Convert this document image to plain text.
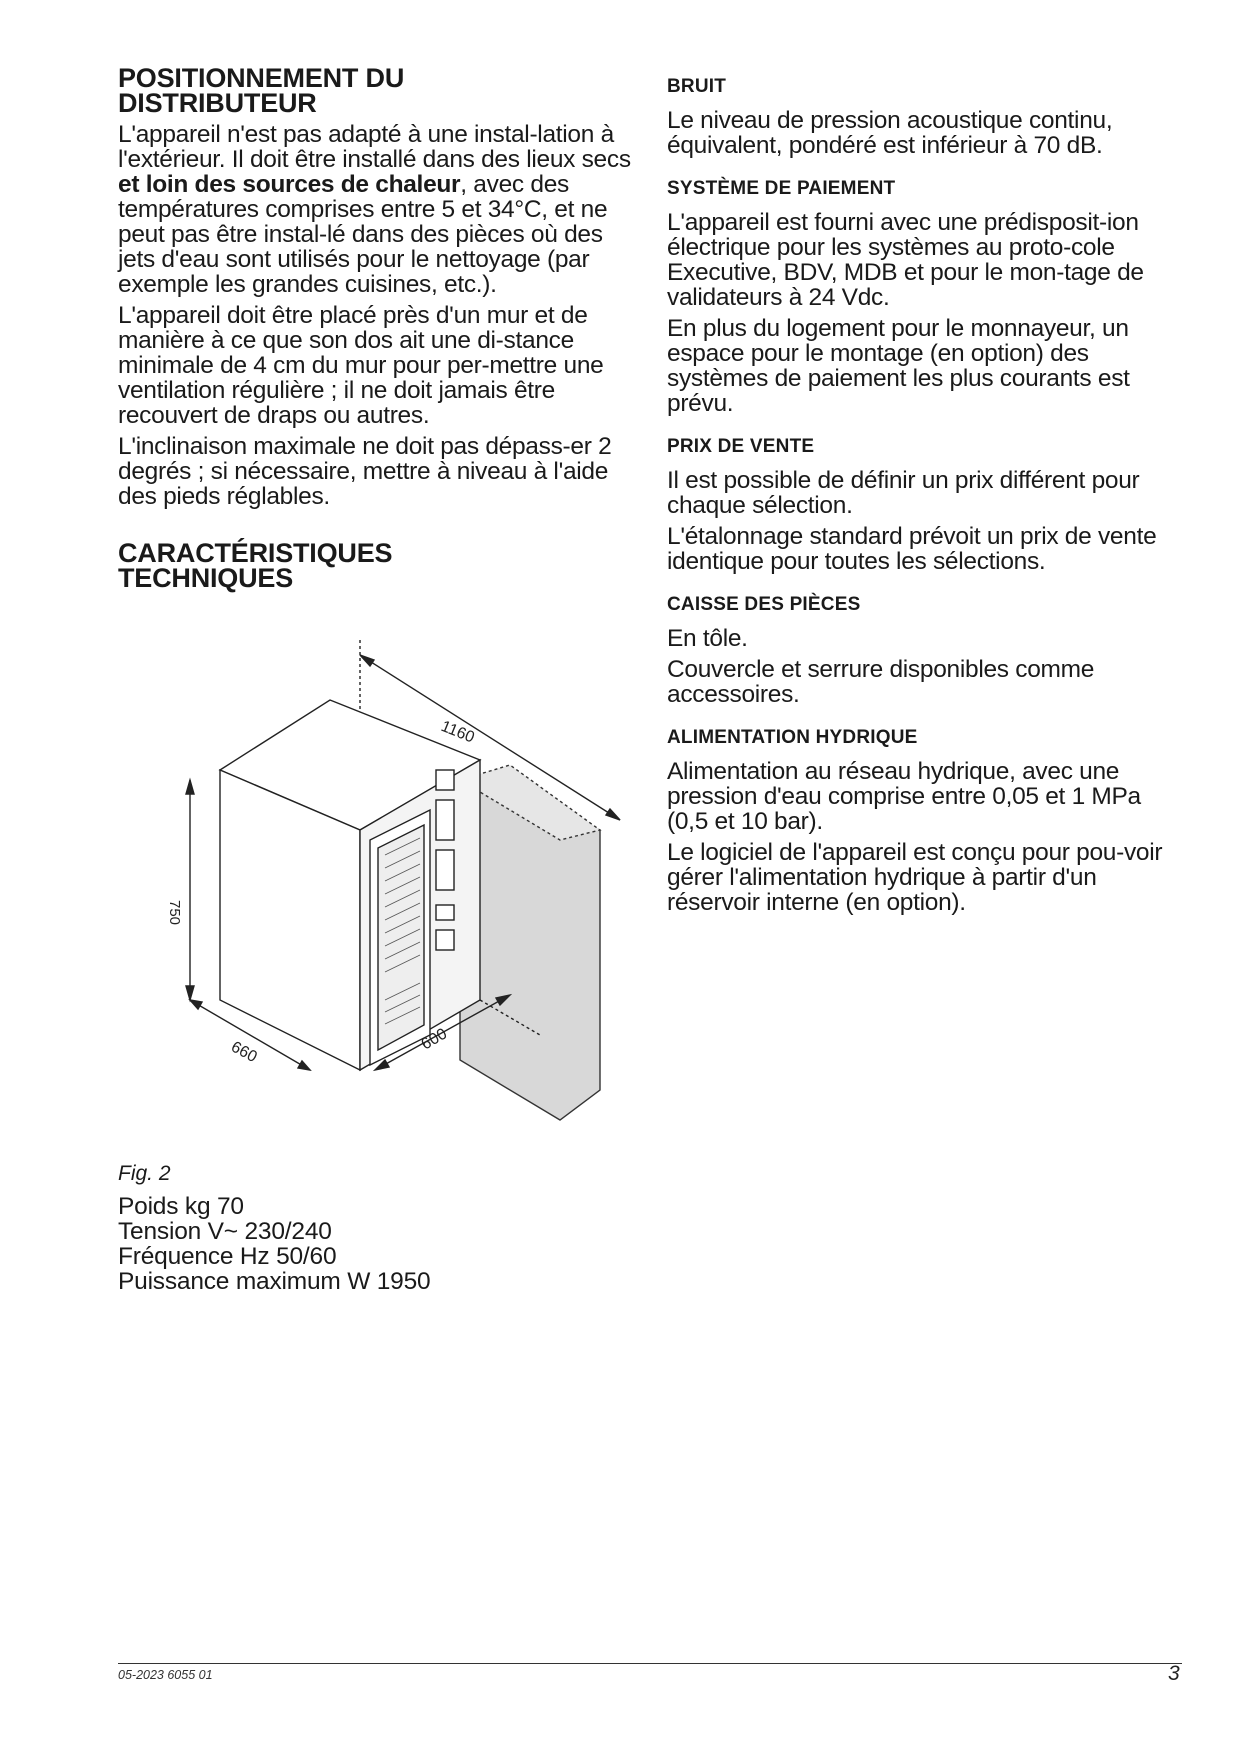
POSITIONNEMENT DU DISTRIBUTEUR

L'appareil n'est pas adapté à une instal-lation à l'extérieur. Il doit être installé dans des lieux secs et loin des sources de chaleur, avec des températures comprises entre 5 et 34°C, et ne peut pas être instal-lé dans des pièces où des jets d'eau sont utilisés pour le nettoyage (par exemple les grandes cuisines, etc.).

L'appareil doit être placé près d'un mur et de manière à ce que son dos ait une di-stance minimale de 4 cm du mur pour per-mettre une ventilation régulière ; il ne doit jamais être recouvert de draps ou autres.

L'inclinaison maximale ne doit pas dépass-er 2 degrés ; si nécessaire, mettre à niveau à l'aide des pieds réglables.

CARACTÉRISTIQUES TECHNIQUES
1160
750
660	600

Fig. 2

Poids kg 70

Tension V~ 230/240

Fréquence Hz 50/60

Puissance maximum W 1950

BRUIT

Le niveau de pression acoustique continu, équivalent, pondéré est inférieur à 70 dB.

SYSTÈME DE PAIEMENT

L'appareil est fourni avec une prédisposit-ion électrique pour les systèmes au proto-cole Executive, BDV, MDB et pour le mon-tage de validateurs à 24 Vdc.

En plus du logement pour le monnayeur, un espace pour le montage (en option) des systèmes de paiement les plus courants est prévu.

PRIX DE VENTE

Il est possible de définir un prix différent pour chaque sélection.

L'étalonnage standard prévoit un prix de vente identique pour toutes les sélections.

CAISSE DES PIÈCES

En tôle.

Couvercle et serrure disponibles comme accessoires.

ALIMENTATION HYDRIQUE

Alimentation au réseau hydrique, avec une pression d'eau comprise entre 0,05 et 1 MPa (0,5 et 10 bar).

Le logiciel de l'appareil est conçu pour pou-voir gérer l'alimentation hydrique à partir d'un réservoir interne (en option).

05-2023 6055 01	3
